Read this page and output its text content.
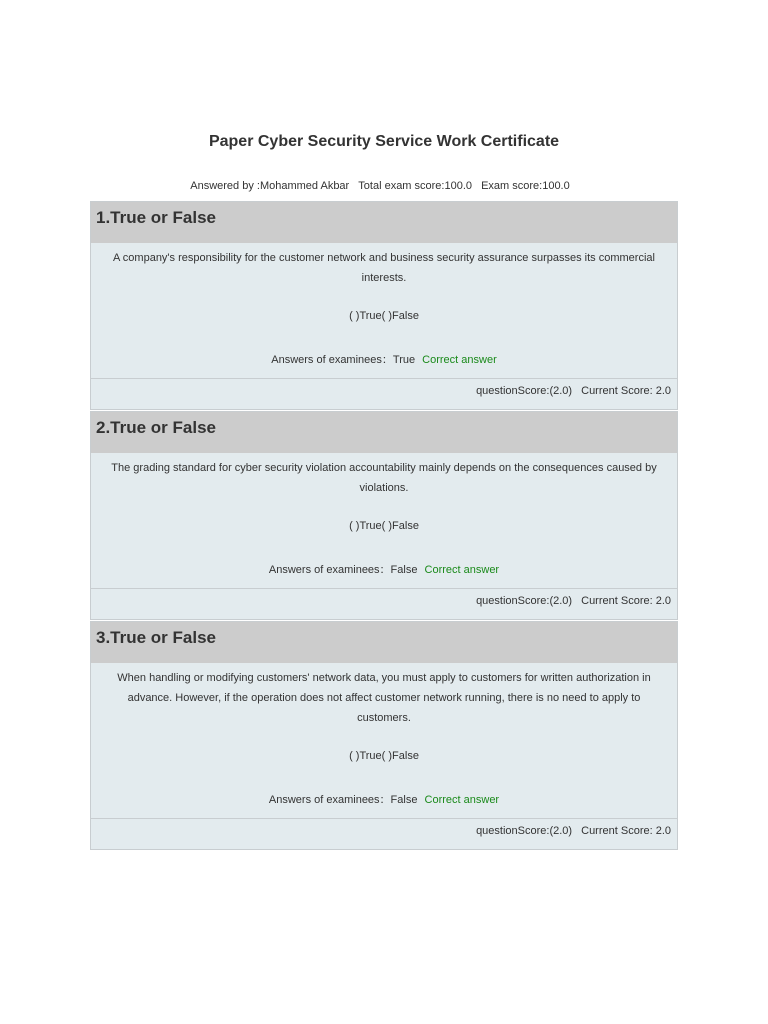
Paper Cyber Security Service Work Certificate
Answered by :Mohammed Akbar Total exam score:100.0 Exam score:100.0
1.True or False
A company's responsibility for the customer network and business security assurance surpasses its commercial interests.
( )True( )False
Answers of examinees：True Correct answer
questionScore:(2.0) Current Score: 2.0
2.True or False
The grading standard for cyber security violation accountability mainly depends on the consequences caused by violations.
( )True( )False
Answers of examinees：False Correct answer
questionScore:(2.0) Current Score: 2.0
3.True or False
When handling or modifying customers' network data, you must apply to customers for written authorization in advance. However, if the operation does not affect customer network running, there is no need to apply to customers.
( )True( )False
Answers of examinees：False Correct answer
questionScore:(2.0) Current Score: 2.0
